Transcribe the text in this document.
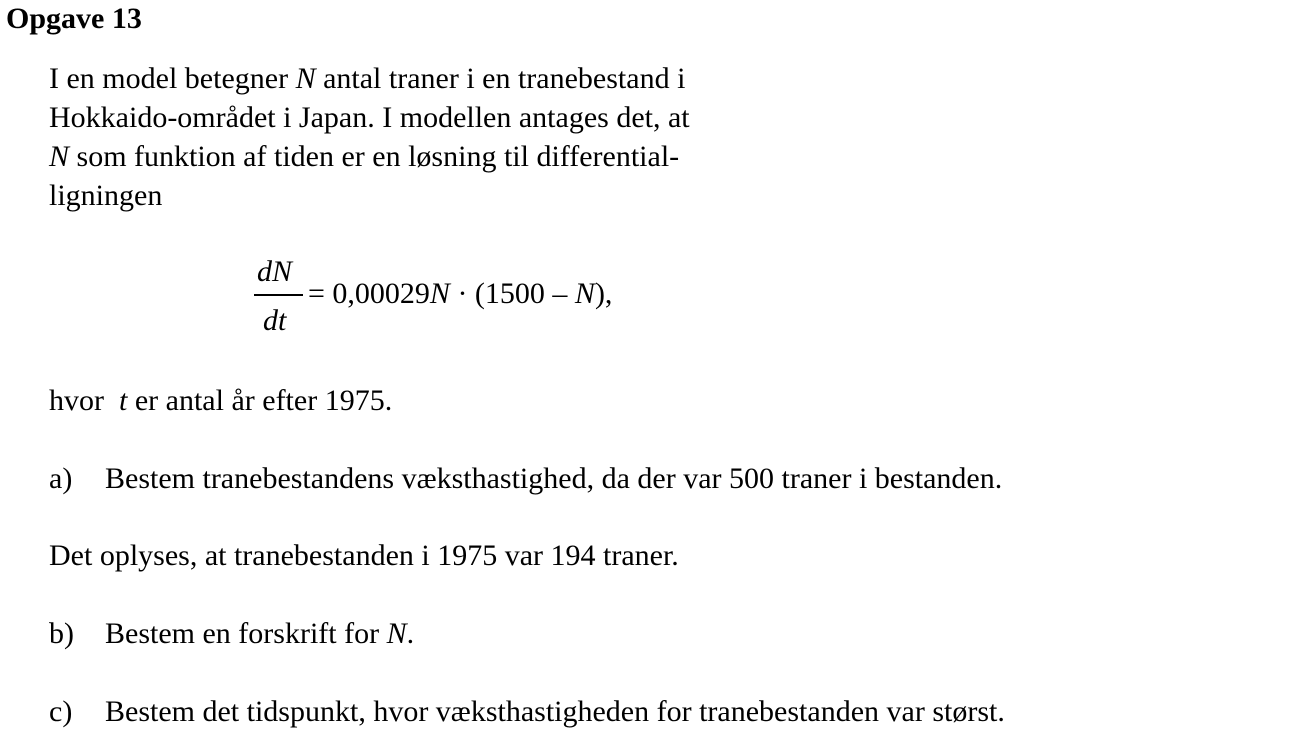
Opgave 13
I en model betegner N antal traner i en tranebestand i
Hokkaido-området i Japan. I modellen antages det, at
N som funktion af tiden er en løsning til differential-
ligningen
dN
dt
= 0,00029N · (1500 – N),
hvor  t er antal år efter 1975.
a) Bestem tranebestandens væksthastighed, da der var 500 traner i bestanden.
Det oplyses, at tranebestanden i 1975 var 194 traner.
b) Bestem en forskrift for N.
c) Bestem det tidspunkt, hvor væksthastigheden for tranebestanden var størst.
